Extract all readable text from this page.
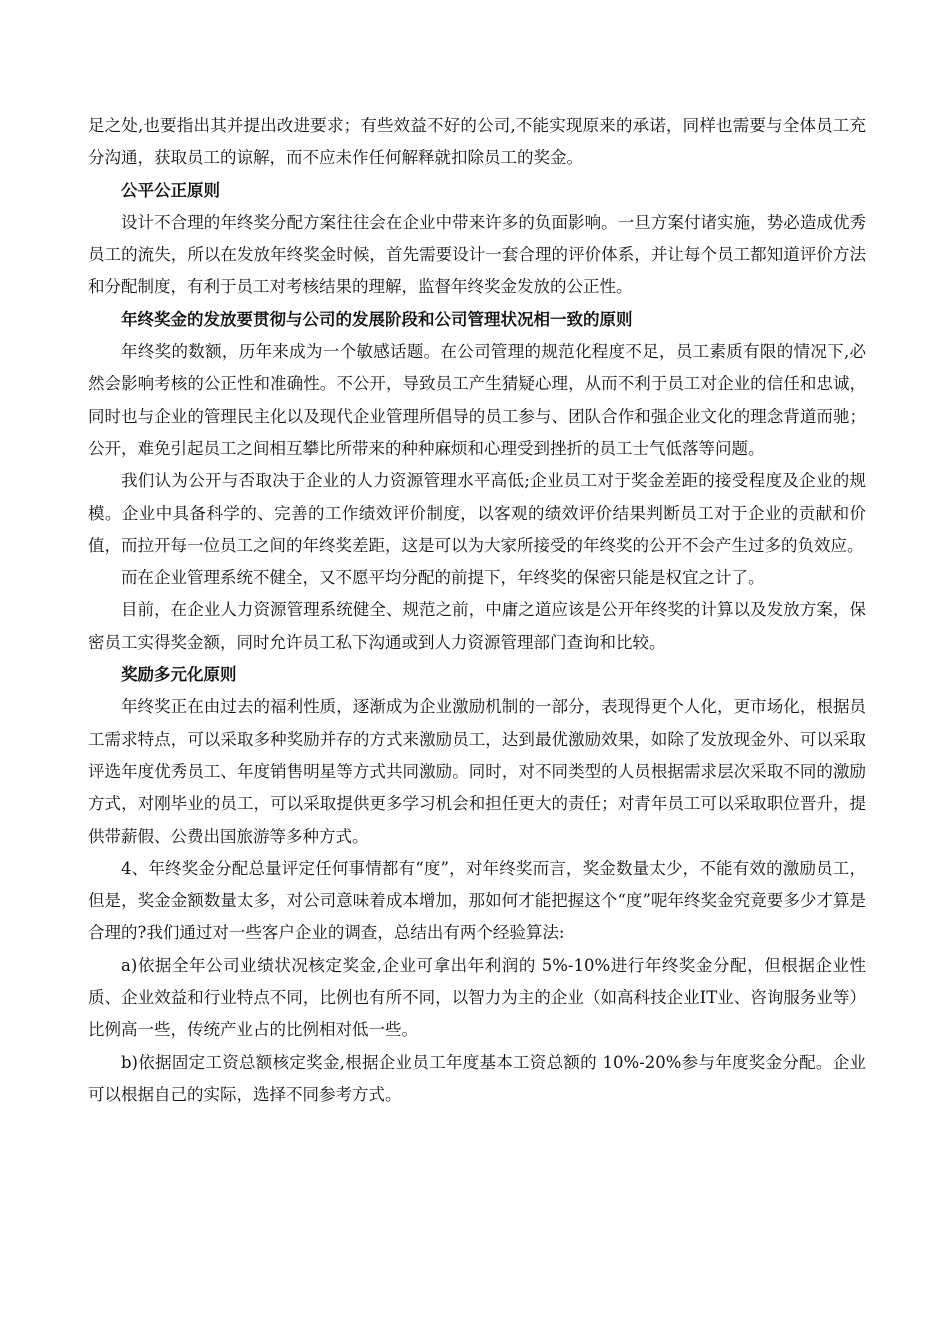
足之处,也要指出其并提出改进要求；有些效益不好的公司,不能实现原来的承诺，同样也需要与全体员工充分沟通，获取员工的谅解，而不应未作任何解释就扣除员工的奖金。

公平公正原则

设计不合理的年终奖分配方案往往会在企业中带来许多的负面影响。一旦方案付诸实施，势必造成优秀员工的流失，所以在发放年终奖金时候，首先需要设计一套合理的评价体系，并让每个员工都知道评价方法和分配制度，有利于员工对考核结果的理解，监督年终奖金发放的公正性。

年终奖金的发放要贯彻与公司的发展阶段和公司管理状况相一致的原则

年终奖的数额，历年来成为一个敏感话题。在公司管理的规范化程度不足，员工素质有限的情况下,必然会影响考核的公正性和准确性。不公开，导致员工产生猜疑心理，从而不利于员工对企业的信任和忠诚，同时也与企业的管理民主化以及现代企业管理所倡导的员工参与、团队合作和强企业文化的理念背道而驰；公开，难免引起员工之间相互攀比所带来的种种麻烦和心理受到挫折的员工士气低落等问题。

我们认为公开与否取决于企业的人力资源管理水平高低;企业员工对于奖金差距的接受程度及企业的规模。企业中具备科学的、完善的工作绩效评价制度，以客观的绩效评价结果判断员工对于企业的贡献和价值，而拉开每一位员工之间的年终奖差距，这是可以为大家所接受的年终奖的公开不会产生过多的负效应。

而在企业管理系统不健全，又不愿平均分配的前提下，年终奖的保密只能是权宜之计了。

目前，在企业人力资源管理系统健全、规范之前，中庸之道应该是公开年终奖的计算以及发放方案，保密员工实得奖金额，同时允许员工私下沟通或到人力资源管理部门查询和比较。

奖励多元化原则

年终奖正在由过去的福利性质，逐渐成为企业激励机制的一部分，表现得更个人化，更市场化，根据员工需求特点，可以采取多种奖励并存的方式来激励员工，达到最优激励效果，如除了发放现金外、可以采取评选年度优秀员工、年度销售明星等方式共同激励。同时，对不同类型的人员根据需求层次采取不同的激励方式，对刚毕业的员工，可以采取提供更多学习机会和担任更大的责任；对青年员工可以采取职位晋升，提供带薪假、公费出国旅游等多种方式。

4、年终奖金分配总量评定任何事情都有“度”，对年终奖而言，奖金数量太少，不能有效的激励员工，但是，奖金金额数量太多，对公司意味着成本增加，那如何才能把握这个“度”呢年终奖金究竟要多少才算是合理的?我们通过对一些客户企业的调查，总结出有两个经验算法:

a)依据全年公司业绩状况核定奖金,企业可拿出年利润的 5%-10%进行年终奖金分配，但根据企业性质、企业效益和行业特点不同，比例也有所不同，以智力为主的企业（如高科技企业IT业、咨询服务业等）比例高一些，传统产业占的比例相对低一些。

b)依据固定工资总额核定奖金,根据企业员工年度基本工资总额的 10%-20%参与年度奖金分配。企业可以根据自己的实际，选择不同参考方式。
